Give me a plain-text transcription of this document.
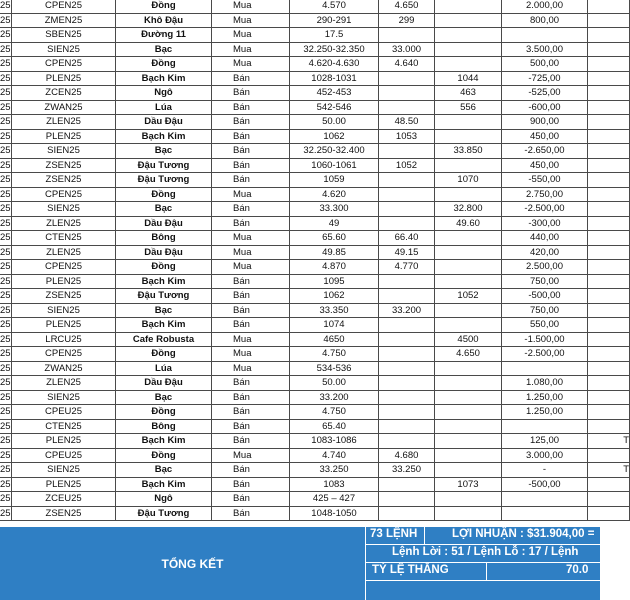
25	CPEN25	Đồng	Mua	4.570	4.650		2.000,00	
25	ZMEN25	Khô Đậu	Mua	290-291	299		800,00	
25	SBEN25	Đường 11	Mua	17.5				
25	SIEN25	Bạc	Mua	32.250-32.350	33.000		3.500,00	
25	CPEN25	Đồng	Mua	4.620-4.630	4.640		500,00	
25	PLEN25	Bạch Kim	Bán	1028-1031		1044	-725,00	
25	ZCEN25	Ngô	Bán	452-453		463	-525,00	
25	ZWAN25	Lúa	Bán	542-546		556	-600,00	
25	ZLEN25	Dầu Đậu	Bán	50.00	48.50		900,00	
25	PLEN25	Bạch Kim	Bán	1062	1053		450,00	
25	SIEN25	Bạc	Bán	32.250-32.400		33.850	-2.650,00	
25	ZSEN25	Đậu Tương	Bán	1060-1061	1052		450,00	
25	ZSEN25	Đậu Tương	Bán	1059		1070	-550,00	
25	CPEN25	Đồng	Mua	4.620			2.750,00	
25	SIEN25	Bạc	Bán	33.300		32.800	-2.500,00	
25	ZLEN25	Dầu Đậu	Bán	49		49.60	-300,00	
25	CTEN25	Bông	Mua	65.60	66.40		440,00	
25	ZLEN25	Dầu Đậu	Mua	49.85	49.15		420,00	
25	CPEN25	Đồng	Mua	4.870	4.770		2.500,00	
25	PLEN25	Bạch Kim	Bán	1095			750,00	
25	ZSEN25	Đậu Tương	Bán	1062		1052	-500,00	
25	SIEN25	Bạc	Bán	33.350	33.200		750,00	
25	PLEN25	Bạch Kim	Bán	1074			550,00	
25	LRCU25	Cafe Robusta	Mua	4650		4500	-1.500,00	
25	CPEN25	Đồng	Mua	4.750		4.650	-2.500,00	
25	ZWAN25	Lúa	Mua	534-536				
25	ZLEN25	Dầu Đậu	Bán	50.00			1.080,00	
25	SIEN25	Bạc	Bán	33.200			1.250,00	
25	CPEU25	Đồng	Bán	4.750			1.250,00	
25	CTEN25	Bông	Bán	65.40				
25	PLEN25	Bạch Kim	Bán	1083-1086			125,00	T
25	CPEU25	Đồng	Mua	4.740	4.680		3.000,00	
25	SIEN25	Bạc	Bán	33.250	33.250		-	T
25	PLEN25	Bạch Kim	Bán	1083		1073	-500,00	
25	ZCEU25	Ngô	Bán	425 – 427				
25	ZSEN25	Đậu Tương	Bán	1048-1050				
TỔNG KẾT
73 LỆNH	LỢI NHUẬN : $31.904,00 =
Lệnh Lời : 51 / Lệnh Lỗ : 17 / Lệnh
TỶ LỆ THẮNG	70.0
